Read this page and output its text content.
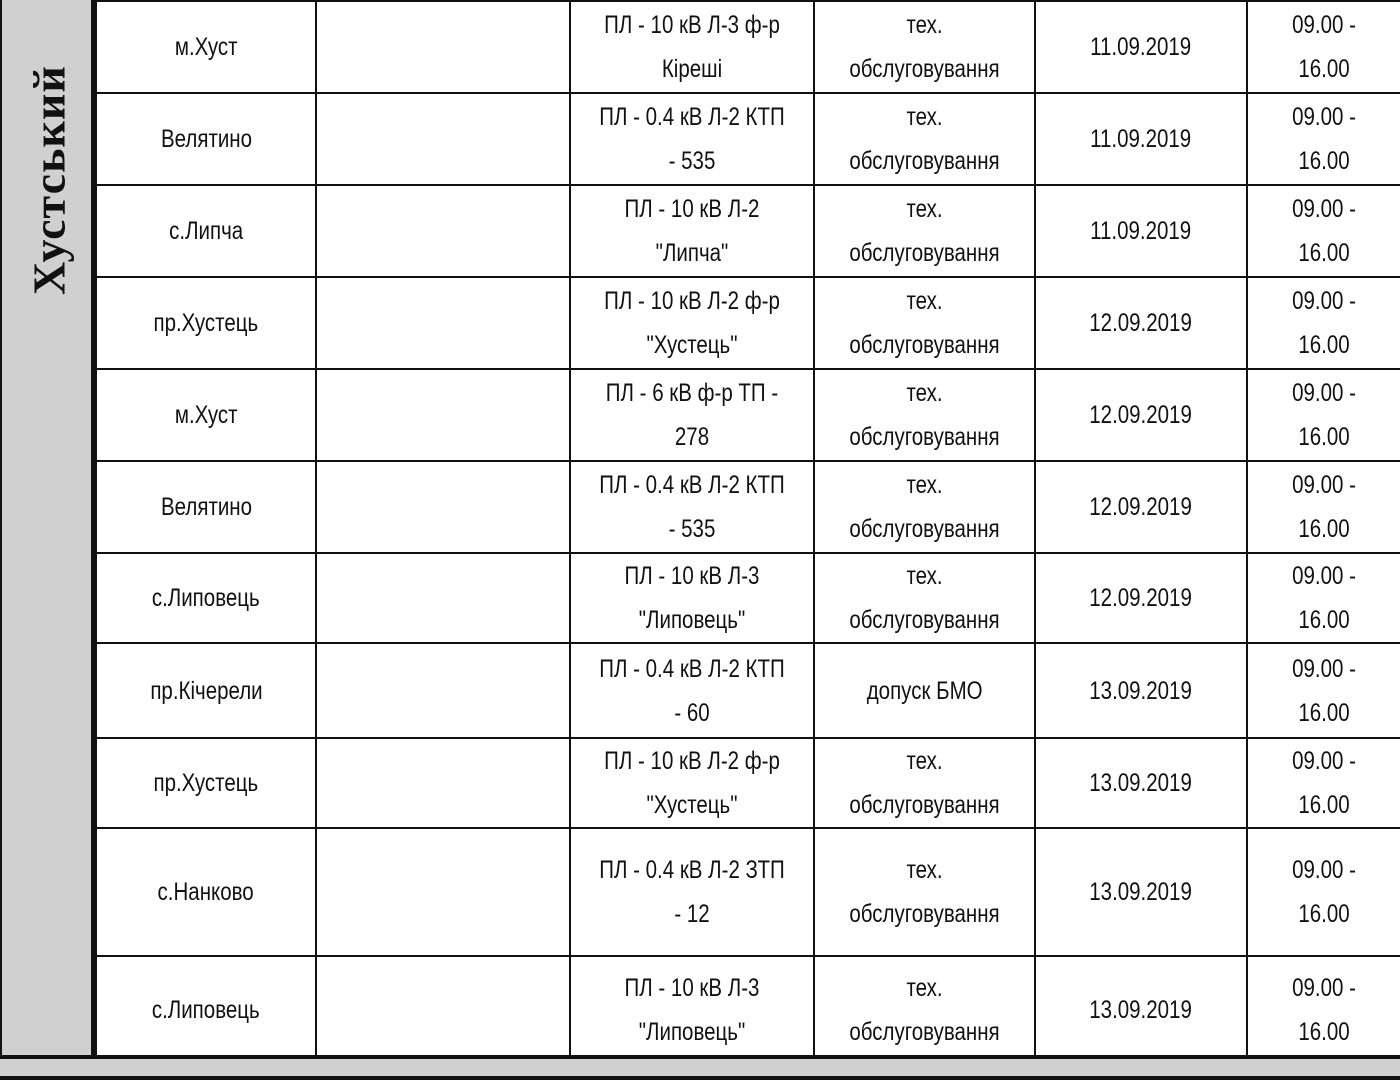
Хустський
м.Хуст		ПЛ - 10 кВ Л-3 ф-р Кіреші	тех. обслуговування	11.09.2019	09.00 - 16.00
Велятино		ПЛ - 0.4 кВ Л-2 КТП - 535	тех. обслуговування	11.09.2019	09.00 - 16.00
с.Липча		ПЛ - 10 кВ Л-2 "Липча"	тех. обслуговування	11.09.2019	09.00 - 16.00
пр.Хустець		ПЛ - 10 кВ Л-2 ф-р "Хустець"	тех. обслуговування	12.09.2019	09.00 - 16.00
м.Хуст		ПЛ - 6 кВ ф-р ТП - 278	тех. обслуговування	12.09.2019	09.00 - 16.00
Велятино		ПЛ - 0.4 кВ Л-2 КТП - 535	тех. обслуговування	12.09.2019	09.00 - 16.00
с.Липовець		ПЛ - 10 кВ Л-3 "Липовець"	тех. обслуговування	12.09.2019	09.00 - 16.00
пр.Кічерели		ПЛ - 0.4 кВ Л-2 КТП - 60	допуск БМО	13.09.2019	09.00 - 16.00
пр.Хустець		ПЛ - 10 кВ Л-2 ф-р "Хустець"	тех. обслуговування	13.09.2019	09.00 - 16.00
с.Нанково		ПЛ - 0.4 кВ Л-2 ЗТП - 12	тех. обслуговування	13.09.2019	09.00 - 16.00
с.Липовець		ПЛ - 10 кВ Л-3 "Липовець"	тех. обслуговування	13.09.2019	09.00 - 16.00
